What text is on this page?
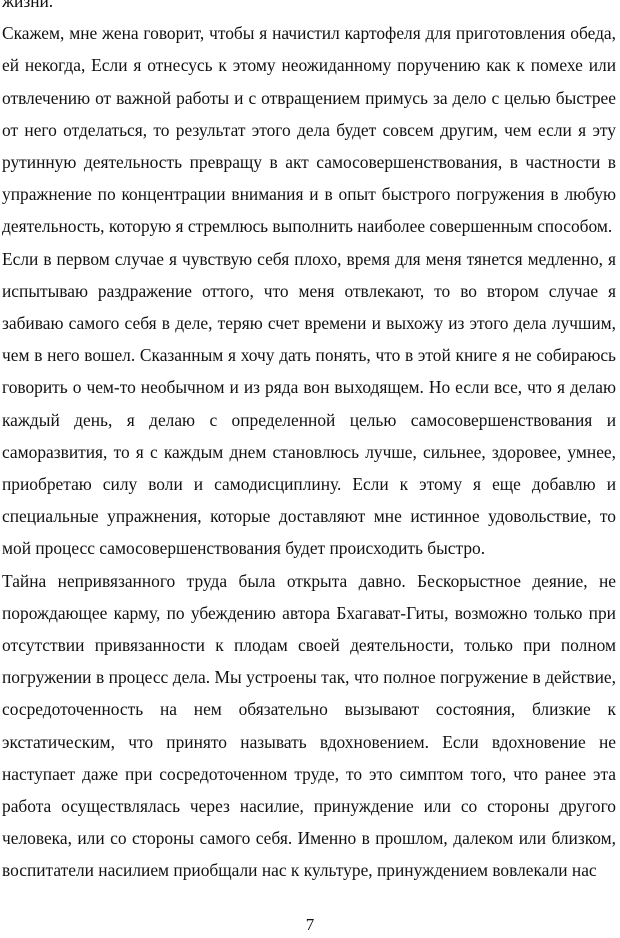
жизни.

Скажем, мне жена говорит, чтобы я начистил картофеля для приготовления обеда, ей некогда, Если я отнесусь к этому неожиданному поручению как к помехе или отвлечению от важной работы и с отвращением примусь за дело с целью быстрее от него отделаться, то результат этого дела будет совсем другим, чем если я эту рутинную деятельность превращу в акт самосовершенствования, в частности в упражнение по концентрации внимания и в опыт быстрого погружения в любую деятельность, которую я стремлюсь выполнить наиболее совершенным способом.

Если в первом случае я чувствую себя плохо, время для меня тянется медленно, я испытываю раздражение оттого, что меня отвлекают, то во втором случае я забиваю самого себя в деле, теряю счет времени и выхожу из этого дела лучшим, чем в него вошел. Сказанным я хочу дать понять, что в этой книге я не собираюсь говорить о чем-то необычном и из ряда вон выходящем. Но если все, что я делаю каждый день, я делаю с определенной целью самосовершенствования и саморазвития, то я с каждым днем становлюсь лучше, сильнее, здоровее, умнее, приобретаю силу воли и самодисциплину. Если к этому я еще добавлю и специальные упражнения, которые доставляют мне истинное удовольствие, то мой процесс самосовершенствования будет происходить быстро.

Тайна непривязанного труда была открыта давно. Бескорыстное деяние, не порождающее карму, по убеждению автора Бхагават-Гиты, возможно только при отсутствии привязанности к плодам своей деятельности, только при полном погружении в процесс дела. Мы устроены так, что полное погружение в действие, сосредоточенность на нем обязательно вызывают состояния, близкие к экстатическим, что принято называть вдохновением. Если вдохновение не наступает даже при сосредоточенном труде, то это симптом того, что ранее эта работа осуществлялась через насилие, принуждение или со стороны другого человека, или со стороны самого себя. Именно в прошлом, далеком или близком, воспитатели насилием приобщали нас к культуре, принуждением вовлекали нас

7
